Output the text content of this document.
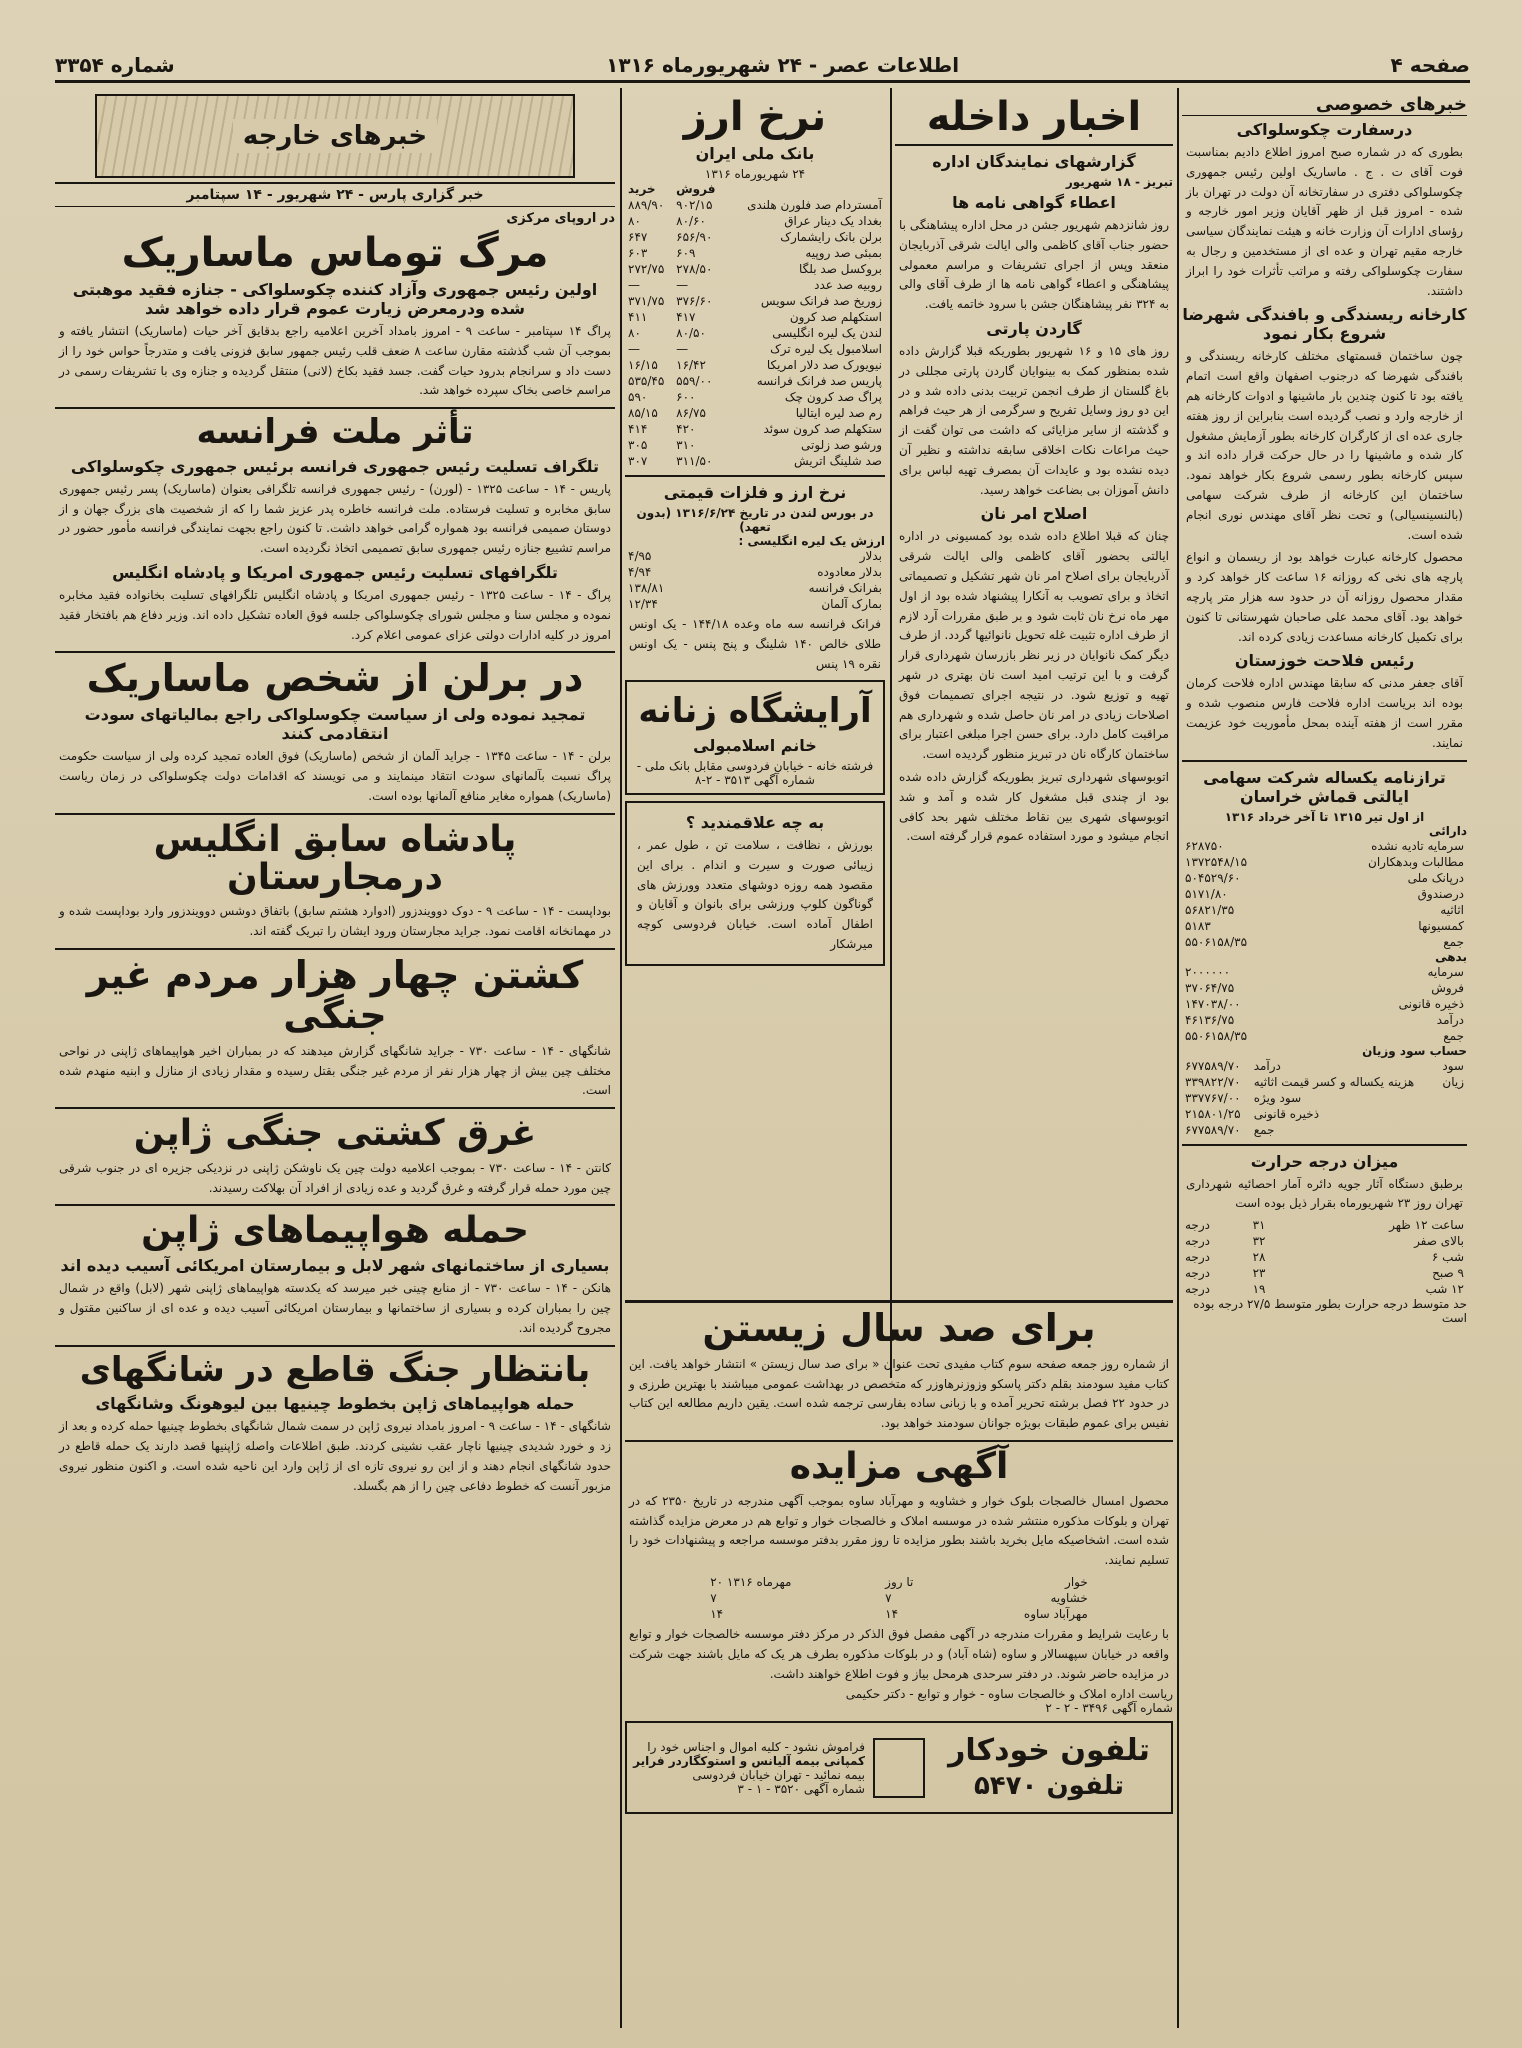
صفحه ۴
اطلاعات عصر - ۲۴ شهریورماه ۱۳۱۶
شماره ۳۳۵۴
خبرهای خارجه
خبر گزاری پارس - ۲۴ شهریور - ۱۴ سپتامبر
در اروپای مرکزی
مرگ توماس ماساریک
اولین رئیس جمهوری وآزاد کننده چکوسلواکی - جنازه فقید موهبتی شده ودرمعرض زیارت عموم قرار داده خواهد شد
پراگ ۱۴ سپتامبر - ساعت ۹ - امروز بامداد آخرین اعلامیه راجع بدقایق آخر حیات (ماساریک) انتشار یافته و بموجب آن شب گذشته مقارن ساعت ۸ ضعف قلب رئیس جمهور سابق فزونی یافت و متدرجاً حواس خود را از دست داد و سرانجام بدرود حیات گفت. جسد فقید بکاخ (لانی) منتقل گردیده و جنازه وی با تشریفات رسمی در مراسم خاصی بخاک سپرده خواهد شد.
تأثر ملت فرانسه
تلگراف تسلیت رئیس جمهوری فرانسه برئیس جمهوری چکوسلواکی
پاریس - ۱۴ - ساعت ۱۳۲۵ - (لورن) - رئیس جمهوری فرانسه تلگرافی بعنوان (ماساریک) پسر رئیس جمهوری سابق مخابره و تسلیت فرستاده. ملت فرانسه خاطره پدر عزیز شما را که از شخصیت های بزرگ جهان و از دوستان صمیمی فرانسه بود همواره گرامی خواهد داشت. تا کنون راجع بجهت نمایندگی فرانسه مأمور حضور در مراسم تشییع جنازه رئیس جمهوری سابق تصمیمی اتخاذ نگردیده است.
تلگرافهای تسلیت رئیس جمهوری امریکا و پادشاه انگلیس
پراگ - ۱۴ - ساعت ۱۳۲۵ - رئیس جمهوری امریکا و پادشاه انگلیس تلگرافهای تسلیت بخانواده فقید مخابره نموده و مجلس سنا و مجلس شورای چکوسلواکی جلسه فوق العاده تشکیل داده اند. وزیر دفاع هم بافتخار فقید امروز در کلیه ادارات دولتی عزای عمومی اعلام کرد.
در برلن از شخص ماساریک
تمجید نموده ولی از سیاست چکوسلواکی راجع بمالیاتهای سودت انتقادمی کنند
برلن - ۱۴ - ساعت ۱۳۴۵ - جراید آلمان از شخص (ماساریک) فوق العاده تمجید کرده ولی از سیاست حکومت پراگ نسبت بآلمانهای سودت انتقاد مینمایند و می نویسند که اقدامات دولت چکوسلواکی در زمان ریاست (ماساریک) همواره مغایر منافع آلمانها بوده است.
پادشاه سابق انگلیس درمجارستان
بوداپست - ۱۴ - ساعت ۹ - دوک دوویندزور (ادوارد هشتم سابق) باتفاق دوشس دوویندزور وارد بوداپست شده و در مهمانخانه اقامت نمود. جراید مجارستان ورود ایشان را تبریک گفته اند.
کشتن چهار هزار مردم غیر جنگی
شانگهای - ۱۴ - ساعت ۷۳۰ - جراید شانگهای گزارش میدهند که در بمباران اخیر هواپیماهای ژاپنی در نواحی مختلف چین بیش از چهار هزار نفر از مردم غیر جنگی بقتل رسیده و مقدار زیادی از منازل و ابنیه منهدم شده است.
غرق کشتی جنگی ژاپن
کانتن - ۱۴ - ساعت ۷۳۰ - بموجب اعلامیه دولت چین یک ناوشکن ژاپنی در نزدیکی جزیره ای در جنوب شرقی چین مورد حمله قرار گرفته و غرق گردید و عده زیادی از افراد آن بهلاکت رسیدند.
حمله هواپیماهای ژاپن
بسیاری از ساختمانهای شهر لابل و بیمارستان امریکائی آسیب دیده اند
هانکن - ۱۴ - ساعت ۷۳۰ - از منابع چینی خبر میرسد که یکدسته هواپیماهای ژاپنی شهر (لابل) واقع در شمال چین را بمباران کرده و بسیاری از ساختمانها و بیمارستان امریکائی آسیب دیده و عده ای از ساکنین مقتول و مجروح گردیده اند.
بانتظار جنگ قاطع در شانگهای
حمله هواپیماهای ژاپن بخطوط چینیها بین لیوهونگ وشانگهای
شانگهای - ۱۴ - ساعت ۹ - امروز بامداد نیروی ژاپن در سمت شمال شانگهای بخطوط چینیها حمله کرده و بعد از زد و خورد شدیدی چینیها ناچار عقب نشینی کردند. طبق اطلاعات واصله ژاپنیها قصد دارند یک حمله قاطع در حدود شانگهای انجام دهند و از این رو نیروی تازه ای از ژاپن وارد این ناحیه شده است. و اکنون منظور نیروی مزبور آنست که خطوط دفاعی چین را از هم بگسلد.
نرخ ارز
بانک ملی ایران
۲۴ شهریورماه ۱۳۱۶
	فروش	خرید
آمستردام صد فلورن هلندی	۹۰۲/۱۵	۸۸۹/۹۰
بغداد یک دینار عراق	۸۰/۶۰	۸۰
برلن بانک رایشمارک	۶۵۶/۹۰	۶۴۷
بمبئی صد روپیه	۶۰۹	۶۰۳
بروکسل صد بلگا	۲۷۸/۵۰	۲۷۲/۷۵
روبیه صد عدد	—	—
زوریخ صد فرانک سویس	۳۷۶/۶۰	۳۷۱/۷۵
استکهلم صد کرون	۴۱۷	۴۱۱
لندن یک لیره انگلیسی	۸۰/۵۰	۸۰
اسلامبول یک لیره ترک	—	—
نیویورک صد دلار امریکا	۱۶/۴۲	۱۶/۱۵
پاریس صد فرانک فرانسه	۵۵۹/۰۰	۵۳۵/۴۵
پراگ صد کرون چک	۶۰۰	۵۹۰
رم صد لیره ایتالیا	۸۶/۷۵	۸۵/۱۵
ستکهلم صد کرون سوئد	۴۲۰	۴۱۴
ورشو صد زلوتی	۳۱۰	۳۰۵
صد شلینگ اتریش	۳۱۱/۵۰	۳۰۷
نرخ ارز و فلزات قیمتی
در بورس لندن در تاریخ ۱۳۱۶/۶/۲۴ (بدون تعهد)
ارزش یک لیره انگلیسی :
بدلار	۴/۹۵
بدلار معادوده	۴/۹۴
بفرانک فرانسه	۱۳۸/۸۱
بمارک آلمان	۱۲/۳۴
فرانک فرانسه سه ماه وعده ۱۴۴/۱۸ - یک اونس طلای خالص ۱۴۰ شلینگ و پنج پنس - یک اونس نقره ۱۹ پنس
آرایشگاه زنانه
خانم اسلامبولی
فرشته خانه - خیابان فردوسی مقابل بانک ملی - شماره آگهی ۳۵۱۳ - ۲-۸
به چه علاقمندید ؟
بورزش ، نظافت ، سلامت تن ، طول عمر ، زیبائی صورت و سیرت و اندام . برای این مقصود همه روزه دوشهای متعدد وورزش های گوناگون کلوپ ورزشی برای بانوان و آقایان و اطفال آماده است. خیابان فردوسی کوچه میرشکار
اخبار داخله
گزارشهای نمایندگان اداره
تبریز - ۱۸ شهریور
اعطاء گواهی نامه ها
روز شانزدهم شهریور جشن در محل اداره پیشاهنگی با حضور جناب آقای کاظمی والی ایالت شرقی آذربایجان منعقد وپس از اجرای تشریفات و مراسم معمولی پیشاهنگی و اعطاء گواهی نامه ها از طرف آقای والی به ۳۲۴ نفر پیشاهنگان جشن با سرود خاتمه یافت.
گاردن پارتی
روز های ۱۵ و ۱۶ شهریور بطوریکه قبلا گزارش داده شده بمنظور کمک به بینوایان گاردن پارتی مجللی در باغ گلستان از طرف انجمن تربیت بدنی داده شد و در این دو روز وسایل تفریح و سرگرمی از هر حیث فراهم و گذشته از سایر مزایائی که داشت می توان گفت از حیث مراعات نکات اخلاقی سابقه نداشته و نظیر آن دیده نشده بود و عایدات آن بمصرف تهیه لباس برای دانش آموزان بی بضاعت خواهد رسید.
اصلاح امر نان
چنان که قبلا اطلاع داده شده بود کمسیونی در اداره ایالتی بحضور آقای کاظمی والی ایالت شرقی آذربایجان برای اصلاح امر نان شهر تشکیل و تصمیماتی اتخاذ و برای تصویب به آنکارا پیشنهاد شده بود از اول مهر ماه نرخ نان ثابت شود و بر طبق مقررات آرد لازم از طرف اداره تثبیت غله تحویل نانوائیها گردد. از طرف دیگر کمک نانوایان در زیر نظر بازرسان شهرداری قرار گرفت و با این ترتیب امید است نان بهتری در شهر تهیه و توزیع شود. در نتیجه اجرای تصمیمات فوق اصلاحات زیادی در امر نان حاصل شده و شهرداری هم مراقبت کامل دارد. برای حسن اجرا مبلغی اعتبار برای ساختمان کارگاه نان در تبریز منظور گردیده است.
اتوبوسهای شهرداری تبریز بطوریکه گزارش داده شده بود از چندی قبل مشغول کار شده و آمد و شد اتوبوسهای شهری بین نقاط مختلف شهر بحد کافی انجام میشود و مورد استفاده عموم قرار گرفته است.
برای صد سال زیستن
از شماره روز جمعه صفحه سوم کتاب مفیدی تحت عنوان « برای صد سال زیستن » انتشار خواهد یافت. این کتاب مفید سودمند بقلم دکتر پاسکو وزوزنرهاوزر که متخصص در بهداشت عمومی میباشند با بهترین طرزی و در حدود ۲۲ فصل برشته تحریر آمده و با زبانی ساده بفارسی ترجمه شده است. یقین داریم مطالعه این کتاب نفیس برای عموم طبقات بویژه جوانان سودمند خواهد بود.
آگهی مزایده
محصول امسال خالصجات بلوک خوار و خشاویه و مهرآباد ساوه بموجب آگهی مندرجه در تاریخ ۲۳۵۰ که در تهران و بلوکات مذکوره منتشر شده در موسسه املاک و خالصجات خوار و توابع هم در معرض مزایده گذاشته شده است. اشخاصیکه مایل بخرید باشند بطور مزایده تا روز مقرر بدفتر موسسه مراجعه و پیشنهادات خود را تسلیم نمایند.
خوار	تا روز	۲۰ مهرماه ۱۳۱۶
خشاویه	۷	۷
مهرآباد ساوه	۱۴	۱۴
با رعایت شرایط و مقررات مندرجه در آگهی مفصل فوق الذکر در مرکز دفتر موسسه خالصجات خوار و توابع واقعه در خیابان سپهسالار و ساوه (شاه آباد) و در بلوکات مذکوره بطرف هر یک که مایل باشند جهت شرکت در مزایده حاضر شوند. در دفتر سرحدی هرمحل بیاز و فوت اطلاع خواهند داشت.
ریاست اداره املاک و خالصجات ساوه - خوار و توابع - دکتر حکیمی
شماره آگهی ۳۴۹۶ - ۲ - ۲
تلفون خودکار
تلفون ۵۴۷۰
فراموش نشود - کلیه اموال و اجناس خود را
کمپانی بیمه آلیانس و استوکگاردر فرایر
بیمه نمائید - تهران خیابان فردوسی
شماره آگهی ۳۵۲۰ - ۱ - ۳
خبرهای خصوصی
درسفارت چکوسلواکی
بطوری که در شماره صبح امروز اطلاع دادیم بمناسبت فوت آقای ت . ج . ماساریک اولین رئیس جمهوری چکوسلواکی دفتری در سفارتخانه آن دولت در تهران باز شده - امروز قبل از ظهر آقایان وزیر امور خارجه و رؤسای ادارات آن وزارت خانه و هیئت نمایندگان سیاسی خارجه مقیم تهران و عده ای از مستخدمین و رجال به سفارت چکوسلواکی رفته و مراتب تأثرات خود را ابراز داشتند.
کارخانه ریسندگی و بافندگی شهرضا شروع بکار نمود
چون ساختمان قسمتهای مختلف کارخانه ریسندگی و بافندگی شهرضا که درجنوب اصفهان واقع است اتمام یافته بود تا کنون چندین بار ماشینها و ادوات کارخانه هم از خارجه وارد و نصب گردیده است بنابراین از روز هفته جاری عده ای از کارگران کارخانه بطور آزمایش مشغول کار شده و ماشینها را در حال حرکت قرار داده اند و سپس کارخانه بطور رسمی شروع بکار خواهد نمود. ساختمان این کارخانه از طرف شرکت سهامی (بالنسینسیالی) و تحت نظر آقای مهندس نوری انجام شده است.
محصول کارخانه عبارت خواهد بود از ریسمان و انواع پارچه های نخی که روزانه ۱۶ ساعت کار خواهد کرد و مقدار محصول روزانه آن در حدود سه هزار متر پارچه خواهد بود. آقای محمد علی صاحبان شهرستانی تا کنون برای تکمیل کارخانه مساعدت زیادی کرده اند.
رئیس فلاحت خوزستان
آقای جعفر مدنی که سابقا مهندس اداره فلاحت کرمان بوده اند بریاست اداره فلاحت فارس منصوب شده و مقرر است از هفته آینده بمحل مأموریت خود عزیمت نمایند.
ترازنامه یکساله شرکت سهامی ایالتی قماش خراسان
از اول تیر ۱۳۱۵ تا آخر خرداد ۱۳۱۶
دارائی
سرمایه تادیه نشده	۶۲۸۷۵۰
مطالبات وبدهکاران	۱۳۷۲۵۴۸/۱۵
درپانک ملی	۵۰۴۵۲۹/۶۰
درصندوق	۵۱۷۱/۸۰
اثاثیه	۵۶۸۲۱/۳۵
کمسیونها	۵۱۸۳
جمع	۵۵۰۶۱۵۸/۳۵
بدهی
سرمایه	۲۰۰۰۰۰۰
فروش	۳۷۰۶۴/۷۵
ذخیره قانونی	۱۴۷۰۳۸/۰۰
درآمد	۴۶۱۳۶/۷۵
جمع	۵۵۰۶۱۵۸/۳۵
حساب سود وزیان
سود	درآمد	۶۷۷۵۸۹/۷۰
زیان	هزینه یکساله و کسر قیمت اثاثیه	۳۳۹۸۲۲/۷۰
	سود ویژه	۳۳۷۷۶۷/۰۰
	ذخیره قانونی	۲۱۵۸۰۱/۲۵
	جمع	۶۷۷۵۸۹/۷۰
میزان درجه حرارت
برطبق دستگاه آثار جویه دائره آمار احصائیه شهرداری تهران روز ۲۳ شهریورماه بقرار ذیل بوده است
ساعت ۱۲ ظهر	۳۱	درجه
بالای صفر	۳۲	درجه
شب ۶	۲۸	درجه
۹ صبح	۲۳	درجه
۱۲ شب	۱۹	درجه
حد متوسط درجه حرارت بطور متوسط ۲۷/۵ درجه بوده است
